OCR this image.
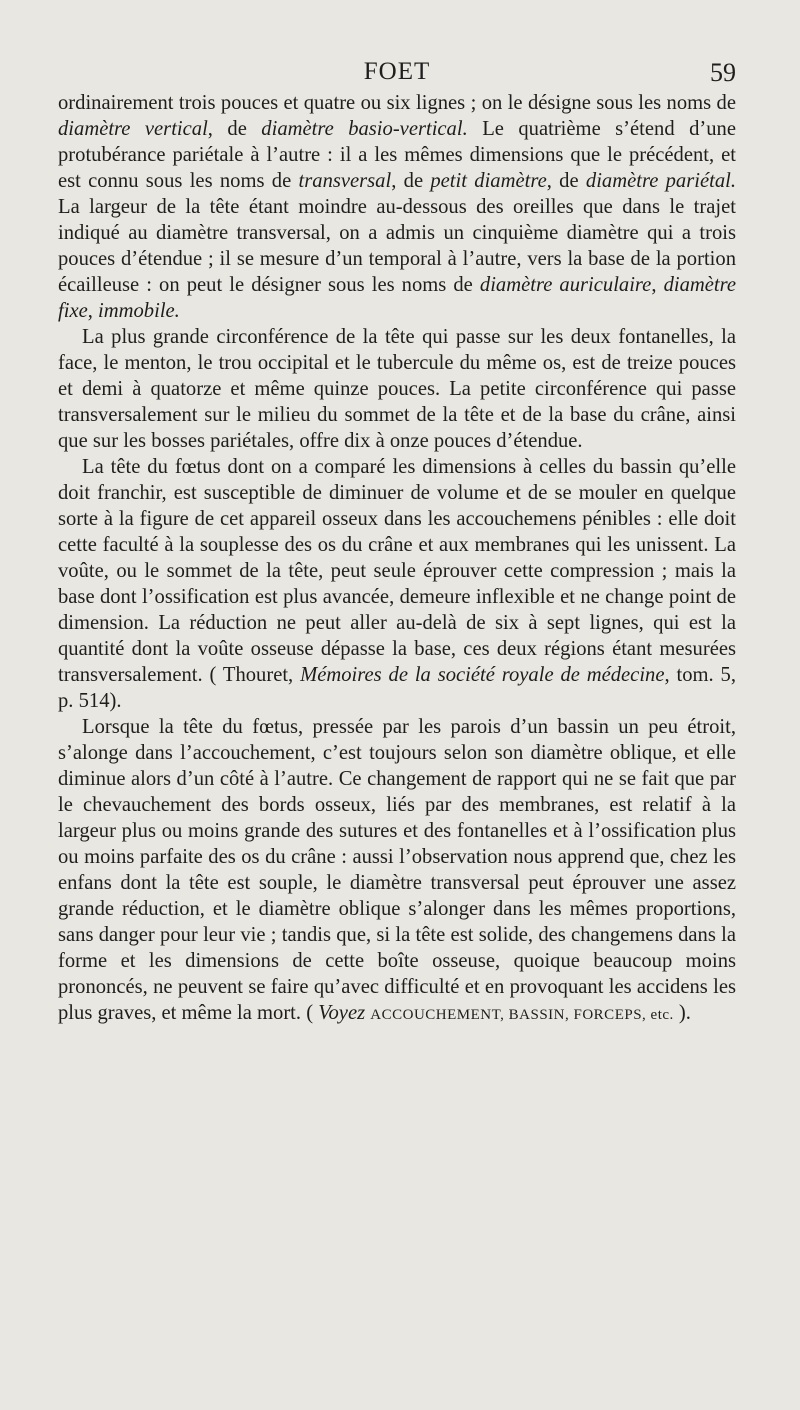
FOET	59

ordinairement trois pouces et quatre ou six lignes ; on le désigne sous les noms de diamètre vertical, de diamètre basio-vertical. Le quatrième s’étend d’une protubérance pariétale à l’autre : il a les mêmes dimensions que le précédent, et est connu sous les noms de transversal, de petit diamètre, de diamètre pariétal. La largeur de la tête étant moindre au-dessous des oreilles que dans le trajet indiqué au diamètre transversal, on a admis un cinquième diamètre qui a trois pouces d’étendue ; il se mesure d’un temporal à l’autre, vers la base de la portion écailleuse : on peut le désigner sous les noms de diamètre auriculaire, diamètre fixe, immobile.

La plus grande circonférence de la tête qui passe sur les deux fontanelles, la face, le menton, le trou occipital et le tubercule du même os, est de treize pouces et demi à quatorze et même quinze pouces. La petite circonférence qui passe transversalement sur le milieu du sommet de la tête et de la base du crâne, ainsi que sur les bosses pariétales, offre dix à onze pouces d’étendue.

La tête du fœtus dont on a comparé les dimensions à celles du bassin qu’elle doit franchir, est susceptible de diminuer de volume et de se mouler en quelque sorte à la figure de cet appareil osseux dans les accouchemens pénibles : elle doit cette faculté à la souplesse des os du crâne et aux membranes qui les unissent. La voûte, ou le sommet de la tête, peut seule éprouver cette compression ; mais la base dont l’ossification est plus avancée, demeure inflexible et ne change point de dimension. La réduction ne peut aller au-delà de six à sept lignes, qui est la quantité dont la voûte osseuse dépasse la base, ces deux régions étant mesurées transversalement. ( Thouret, Mémoires de la société royale de médecine, tom. 5, p. 514).

Lorsque la tête du fœtus, pressée par les parois d’un bassin un peu étroit, s’alonge dans l’accouchement, c’est toujours selon son diamètre oblique, et elle diminue alors d’un côté à l’autre. Ce changement de rapport qui ne se fait que par le chevauchement des bords osseux, liés par des membranes, est relatif à la largeur plus ou moins grande des sutures et des fontanelles et à l’ossification plus ou moins parfaite des os du crâne : aussi l’observation nous apprend que, chez les enfans dont la tête est souple, le diamètre transversal peut éprouver une assez grande réduction, et le diamètre oblique s’alonger dans les mêmes proportions, sans danger pour leur vie ; tandis que, si la tête est solide, des changemens dans la forme et les dimensions de cette boîte osseuse, quoique beaucoup moins prononcés, ne peuvent se faire qu’avec difficulté et en provoquant les accidens les plus graves, et même la mort. ( Voyez ACCOUCHEMENT, BASSIN, FORCEPS, etc. ).
